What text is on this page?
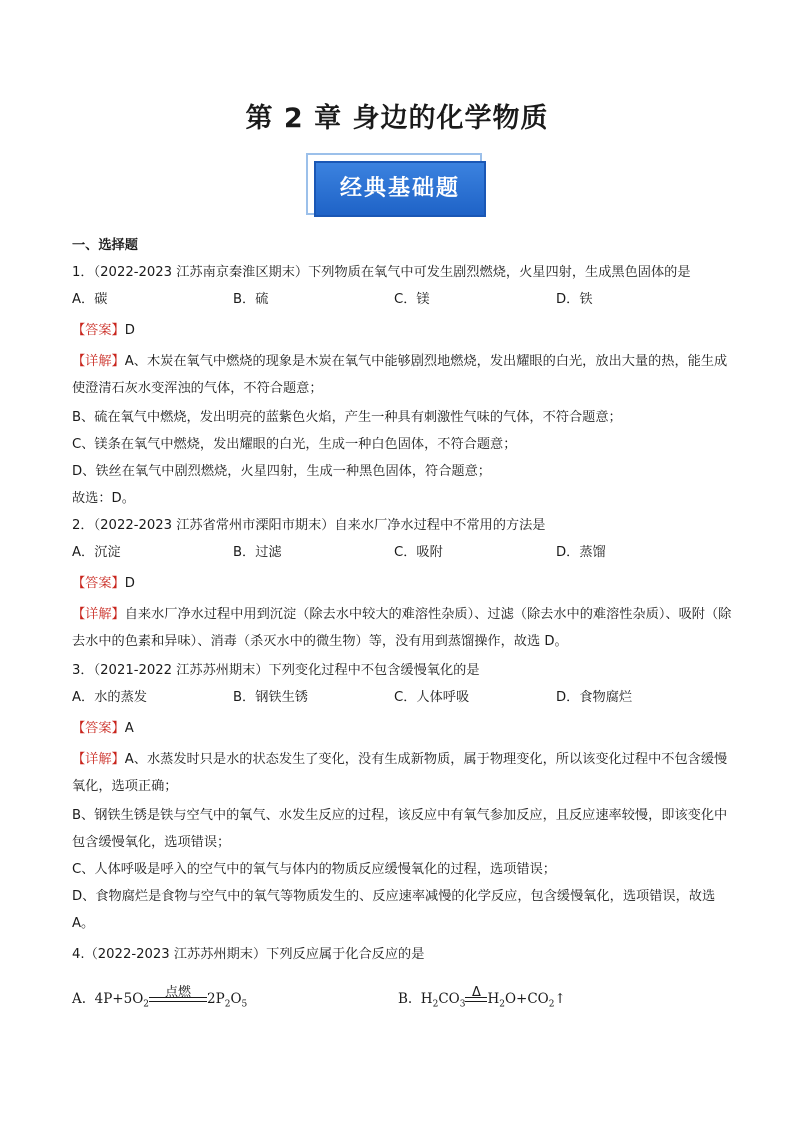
第 2 章 身边的化学物质
经典基础题
一、选择题
1．（2022-2023 江苏南京秦淮区期末）下列物质在氧气中可发生剧烈燃烧，火星四射，生成黑色固体的是
A．碳	B．硫	C．镁	D．铁
【答案】D
【详解】A、木炭在氧气中燃烧的现象是木炭在氧气中能够剧烈地燃烧，发出耀眼的白光，放出大量的热，能生成使澄清石灰水变浑浊的气体，不符合题意；
B、硫在氧气中燃烧，发出明亮的蓝紫色火焰，产生一种具有刺激性气味的气体，不符合题意；
C、镁条在氧气中燃烧，发出耀眼的白光，生成一种白色固体，不符合题意；
D、铁丝在氧气中剧烈燃烧，火星四射，生成一种黑色固体，符合题意；
故选：D。
2．（2022-2023 江苏省常州市溧阳市期末）自来水厂净水过程中不常用的方法是
A．沉淀	B．过滤	C．吸附	D．蒸馏
【答案】D
【详解】自来水厂净水过程中用到沉淀（除去水中较大的难溶性杂质）、过滤（除去水中的难溶性杂质）、吸附（除去水中的色素和异味）、消毒（杀灭水中的微生物）等，没有用到蒸馏操作，故选 D。
3．（2021-2022 江苏苏州期末）下列变化过程中不包含缓慢氧化的是
A．水的蒸发	B．钢铁生锈	C．人体呼吸	D．食物腐烂
【答案】A
【详解】A、水蒸发时只是水的状态发生了变化，没有生成新物质，属于物理变化，所以该变化过程中不包含缓慢氧化，选项正确；
B、钢铁生锈是铁与空气中的氧气、水发生反应的过程，该反应中有氧气参加反应，且反应速率较慢，即该变化中包含缓慢氧化，选项错误；
C、人体呼吸是呼入的空气中的氧气与体内的物质反应缓慢氧化的过程，选项错误；
D、食物腐烂是食物与空气中的氧气等物质发生的、反应速率减慢的化学反应，包含缓慢氧化，选项错误，故选 A。
4.（2022-2023 江苏苏州期末）下列反应属于化合反应的是
A.  $4P+5O_2$
点燃	$2P_2O_5$	B.  $H_2CO_3$
Δ $H_2O+CO_2↑$
